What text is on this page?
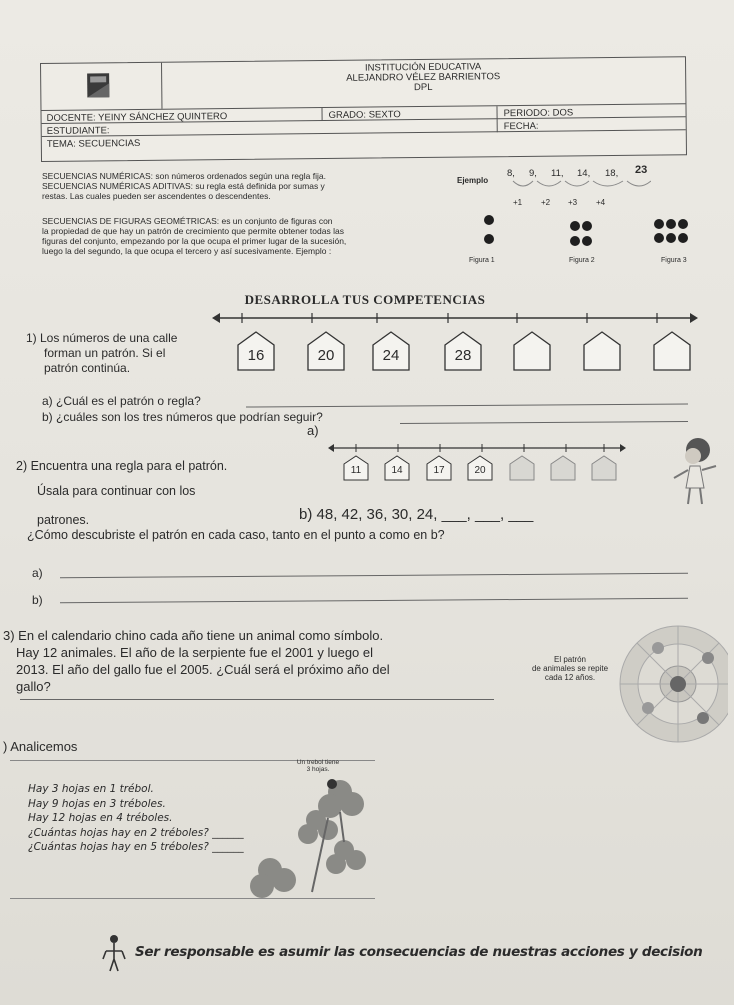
INSTITUCIÓN EDUCATIVA
ALEJANDRO VÉLEZ BARRIENTOS
DPL
DOCENTE: YEINY SÁNCHEZ QUINTERO	GRADO: SEXTO	PERIODO: DOS
ESTUDIANTE:	FECHA:
TEMA: SECUENCIAS
SECUENCIAS NUMÉRICAS: son números ordenados según una regla fija.
SECUENCIAS NUMÉRICAS ADITIVAS: su regla está definida por sumas y
restas. Las cuales pueden ser ascendentes o descendentes.
Ejemplo
8, 9, 11, 14, 18, 23
+1 +2 +3 +4
SECUENCIAS DE FIGURAS GEOMÉTRICAS: es un conjunto de figuras con
la propiedad de que hay un patrón de crecimiento que permite obtener todas las
figuras del conjunto, empezando por la que ocupa el primer lugar de la sucesión,
luego la del segundo, la que ocupa el tercero y así sucesivamente. Ejemplo :
Figura 1	Figura 2	Figura 3
DESARROLLA TUS COMPETENCIAS
1) Los números de una calle
forman un patrón. Si el
patrón continúa.
16	20	24	28
a) ¿Cuál es el patrón o regla?
b) ¿cuáles son los tres números que podrían seguir?
2) Encuentra una regla para el patrón.
Úsala para continuar con los
patrones.
a)
11	14	17	20
b) 48, 42, 36, 30, 24, ___, ___, ___
¿Cómo descubriste el patrón en cada caso, tanto en el punto a como en b?
a)
b)
3) En el calendario chino cada año tiene un animal como símbolo.
Hay 12 animales. El año de la serpiente fue el 2001 y luego el
2013. El año del gallo fue el 2005. ¿Cuál será el próximo año del
gallo?
El patrón
de animales se repite
cada 12 años.
) Analicemos
Un trebol tiene
3 hojas.
Hay 3 hojas en 1 trébol.
Hay 9 hojas en 3 tréboles.
Hay 12 hojas en 4 tréboles.
¿Cuántas hojas hay en 2 tréboles? ______
¿Cuántas hojas hay en 5 tréboles? ______
Ser responsable es asumir las consecuencias de nuestras acciones y decision
